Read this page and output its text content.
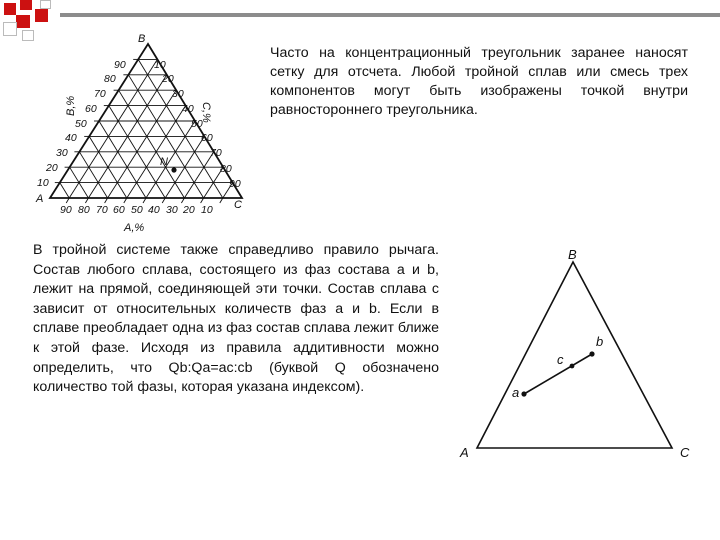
N
B
A	C
90
80
70
60
50
40
30
20
10
10
20
30
40
50
60
70
80
90
90 80 70 60 50 40 30 20 10
B,%	C,%
A,%
B
A	C
a
c
b

Часто на концентрационный треугольник заранее наносят сетку для отсчета. Любой тройной сплав или смесь трех компонентов могут быть изображены точкой внутри равностороннего треугольника.

В тройной системе также справедливо правило рычага. Состав любого сплава, состоящего из фаз состава a и b, лежит на прямой, соединяющей эти точки. Состав сплава с зависит от относительных количеств фаз a и b. Если в сплаве преобладает одна из фаз состав сплава лежит ближе к этой фазе. Исходя из правила аддитивности можно определить, что Qb:Qa=ac:cb (буквой Q обозначено количество той фазы, которая указана индексом).
